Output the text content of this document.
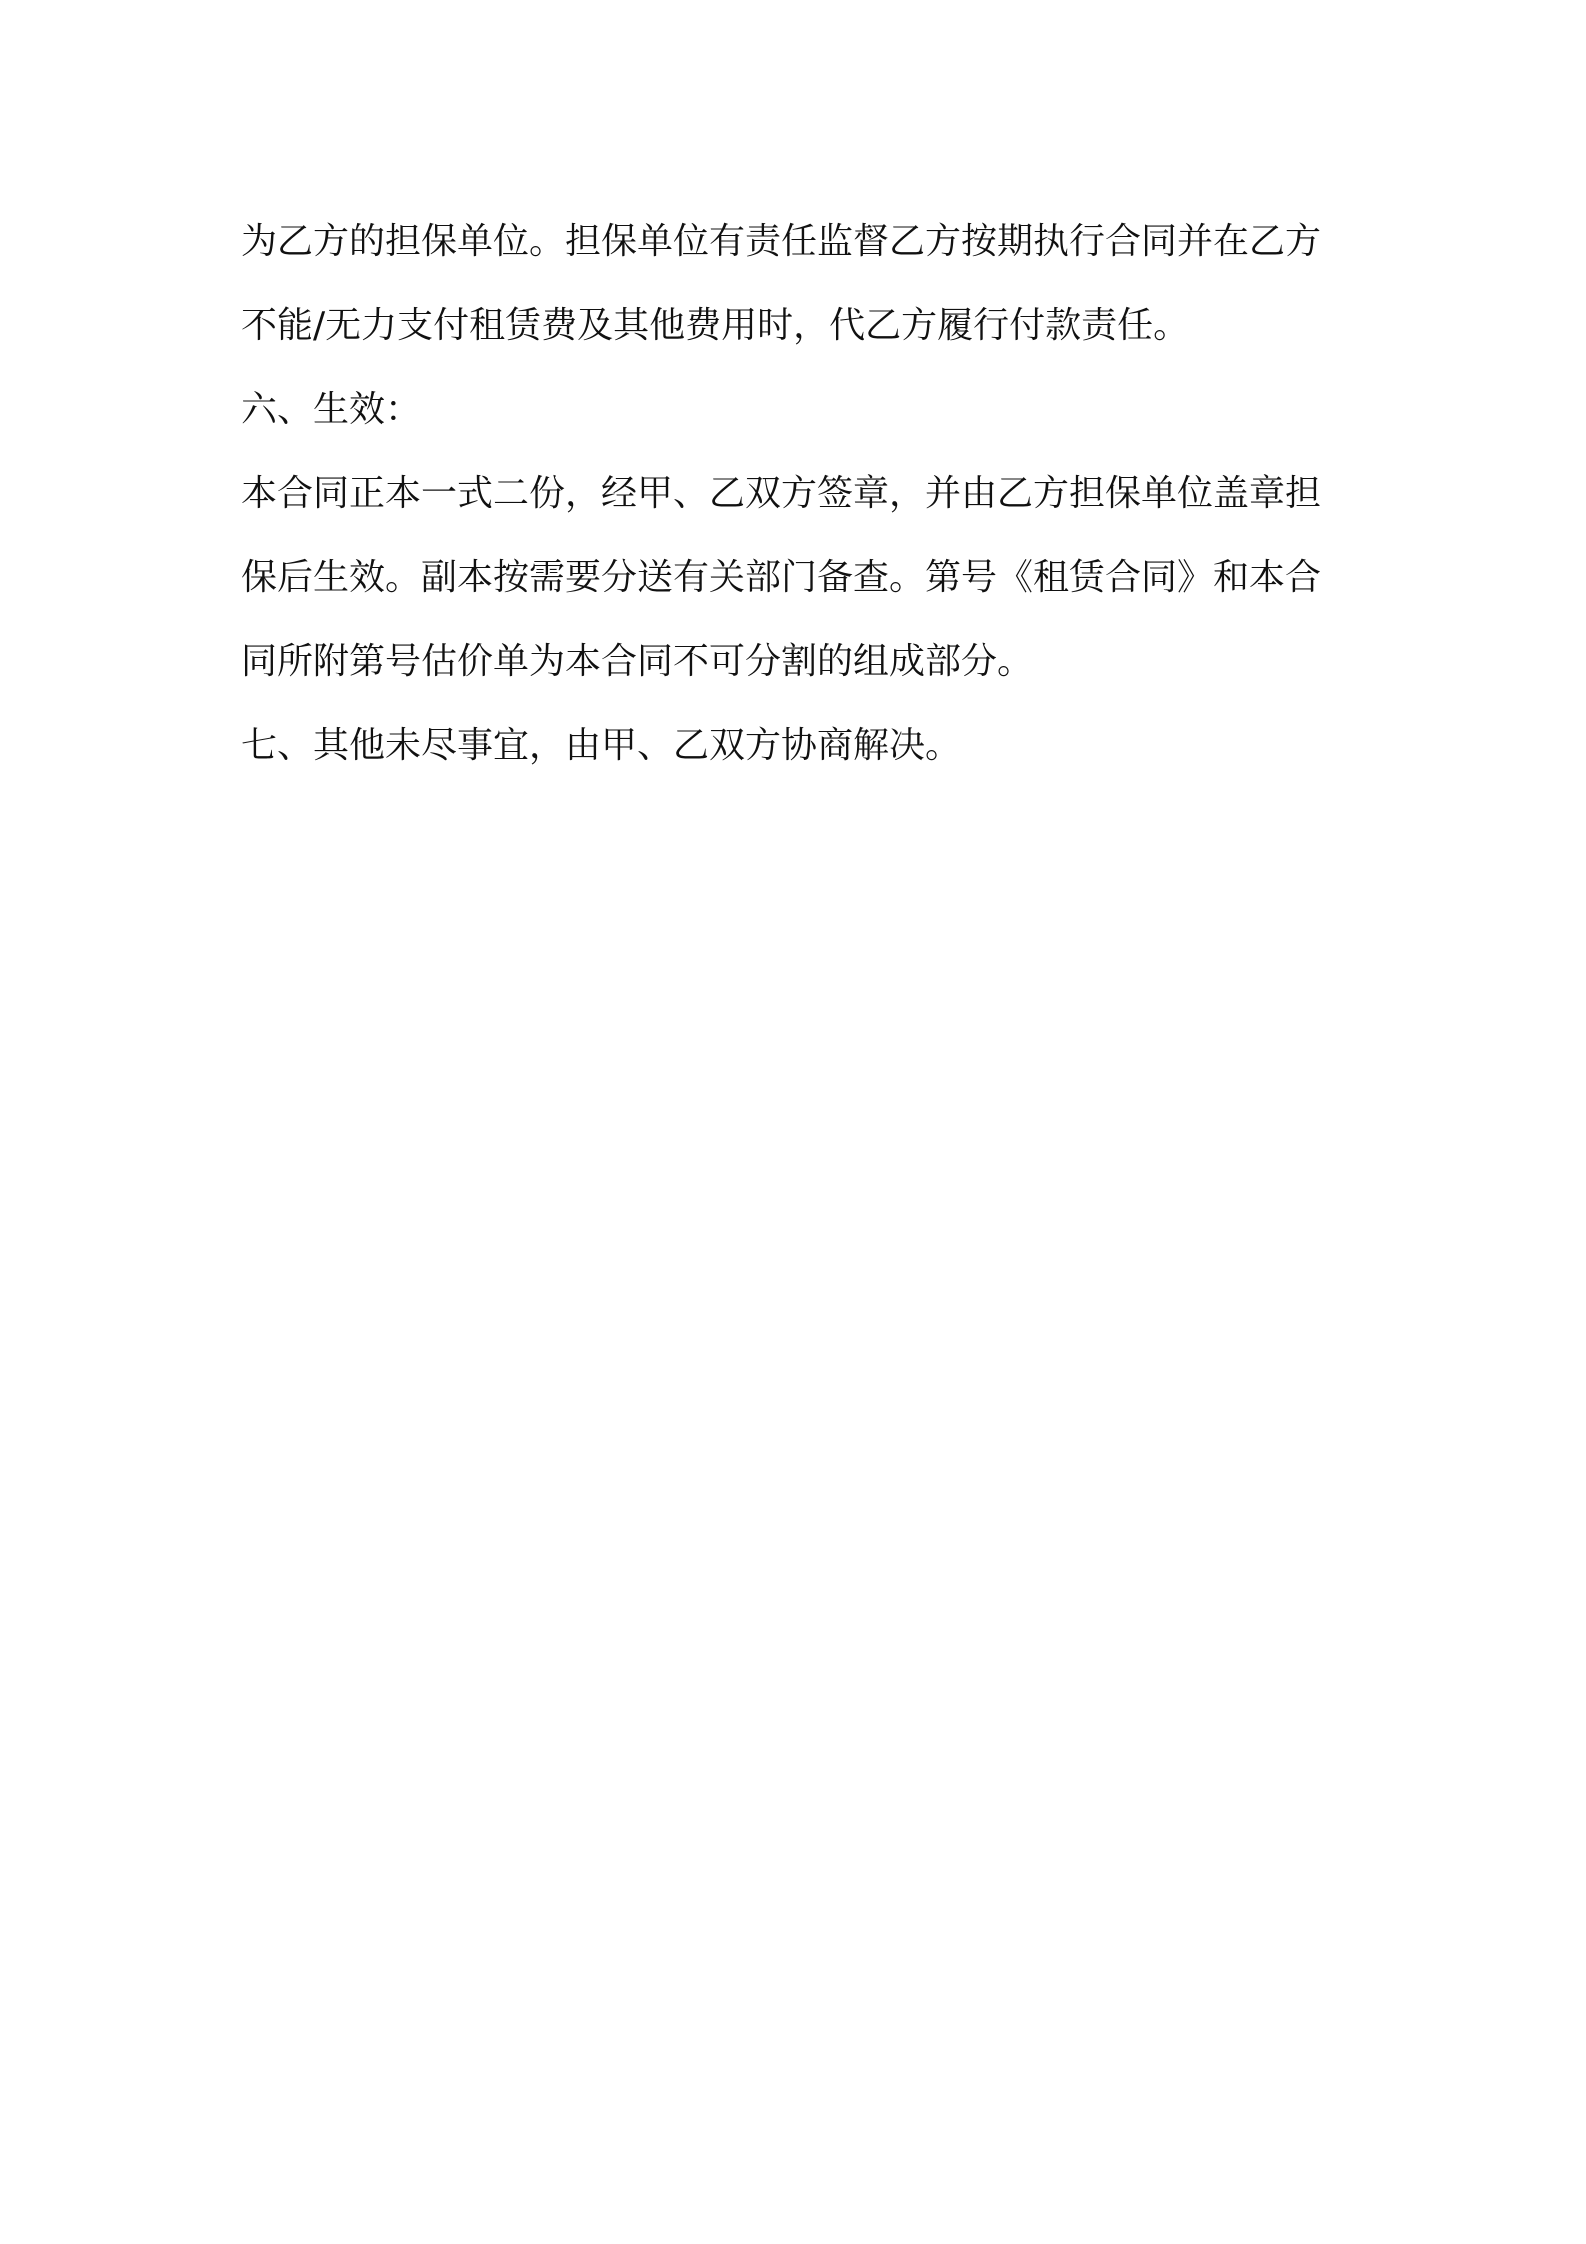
为乙方的担保单位。担保单位有责任监督乙方按期执行合同并在乙方
不能/无力支付租赁费及其他费用时，代乙方履行付款责任。
六、生效：
本合同正本一式二份，经甲、乙双方签章，并由乙方担保单位盖章担
保后生效。副本按需要分送有关部门备查。第号《租赁合同》和本合
同所附第号估价单为本合同不可分割的组成部分。
七、其他未尽事宜，由甲、乙双方协商解决。
